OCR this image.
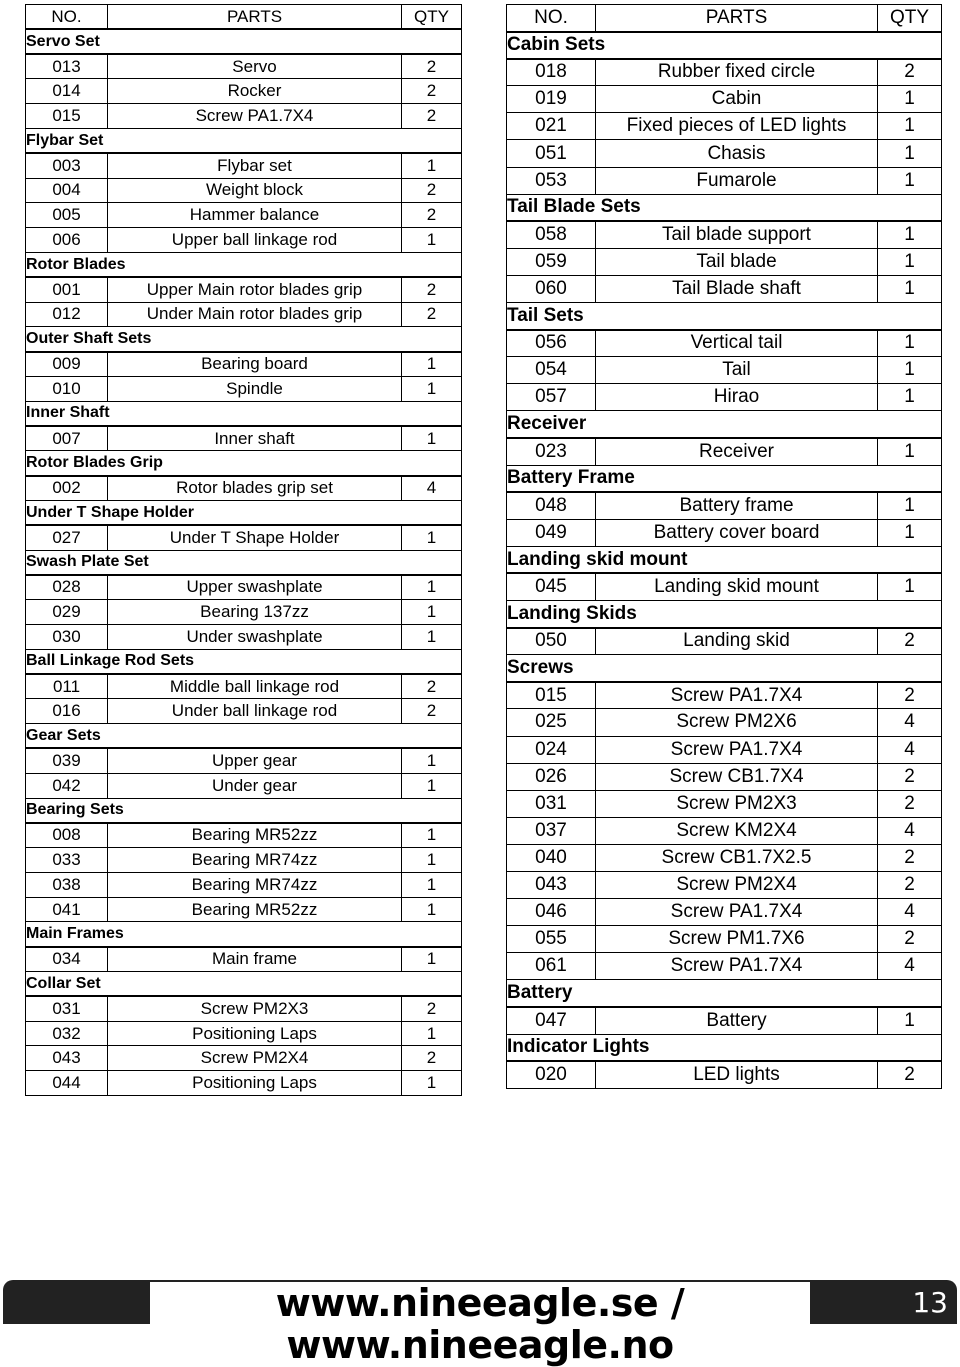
NO.	PARTS	QTY
Servo Set		
013	Servo	2
014	Rocker	2
015	Screw PA1.7X4	2
Flybar Set		
003	Flybar set	1
004	Weight block	2
005	Hammer balance	2
006	Upper ball linkage rod	1
Rotor Blades		
001	Upper Main rotor blades grip	2
012	Under Main rotor blades grip	2
Outer Shaft Sets		
009	Bearing board	1
010	Spindle	1
Inner Shaft		
007	Inner shaft	1
Rotor Blades Grip		
002	Rotor blades grip set	4
Under T Shape Holder		
027	Under T Shape Holder	1
Swash Plate Set		
028	Upper swashplate	1
029	Bearing 137zz	1
030	Under swashplate	1
Ball Linkage Rod Sets		
011	Middle ball linkage rod	2
016	Under ball linkage rod	2
Gear Sets		
039	Upper gear	1
042	Under gear	1
Bearing Sets		
008	Bearing MR52zz	1
033	Bearing MR74zz	1
038	Bearing MR74zz	1
041	Bearing MR52zz	1
Main Frames		
034	Main frame	1
Collar Set		
031	Screw PM2X3	2
032	Positioning Laps	1
043	Screw PM2X4	2
044	Positioning Laps	1
NO.	PARTS	QTY
Cabin Sets		
018	Rubber fixed circle	2
019	Cabin	1
021	Fixed pieces of LED lights	1
051	Chasis	1
053	Fumarole	1
Tail Blade Sets		
058	Tail blade support	1
059	Tail blade	1
060	Tail Blade shaft	1
Tail Sets		
056	Vertical tail	1
054	Tail	1
057	Hirao	1
Receiver		
023	Receiver	1
Battery Frame		
048	Battery frame	1
049	Battery cover board	1
Landing skid mount		
045	Landing skid mount	1
Landing Skids		
050	Landing skid	2
Screws		
015	Screw PA1.7X4	2
025	Screw PM2X6	4
024	Screw PA1.7X4	4
026	Screw CB1.7X4	2
031	Screw PM2X3	2
037	Screw KM2X4	4
040	Screw CB1.7X2.5	2
043	Screw PM2X4	2
046	Screw PA1.7X4	4
055	Screw PM1.7X6	2
061	Screw PA1.7X4	4
Battery		
047	Battery	1
Indicator Lights		
020	LED lights	2
www.nineeagle.se / www.nineeagle.no
13
